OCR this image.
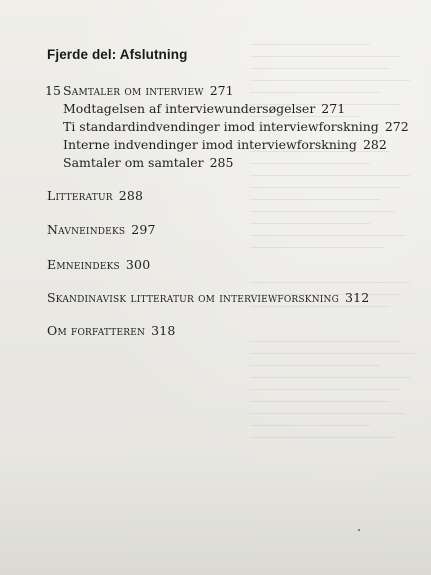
Fjerde del: Afslutning
15 Samtaler om interview 271
Modtagelsen af interviewundersøgelser 271
Ti standardindvendinger imod interviewforskning 272
Interne indvendinger imod interviewforskning 282
Samtaler om samtaler 285
Litteratur 288
Navneindeks 297
Emneindeks 300
Skandinavisk litteratur om interviewforskning 312
Om forfatteren 318
